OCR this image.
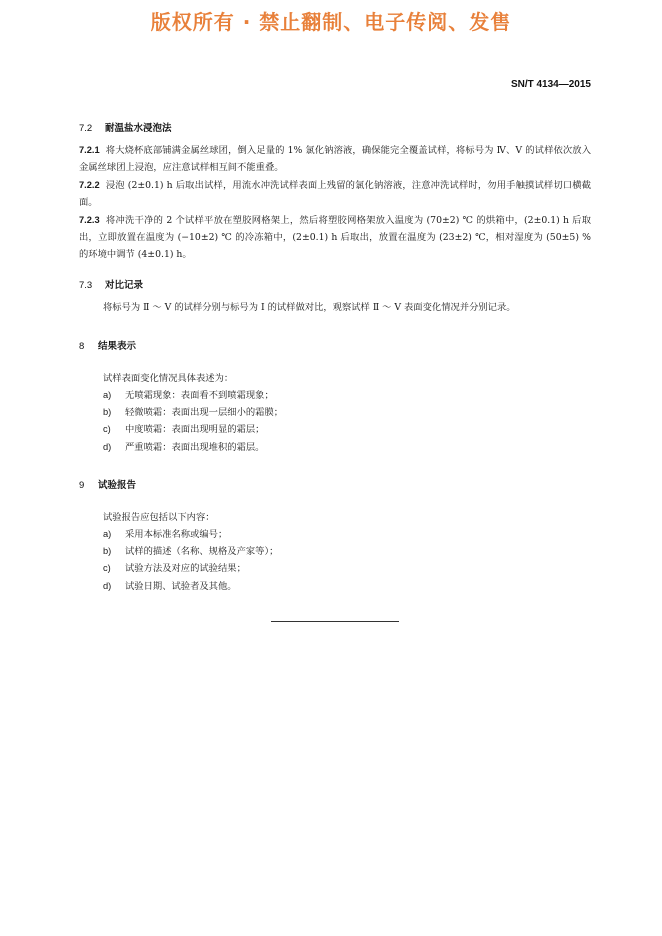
版权所有 · 禁止翻制、电子传阅、发售
SN/T 4134—2015
7.2 耐温盐水浸泡法
7.2.1 将大烧杯底部铺满金属丝球团，倒入足量的 1% 氯化钠溶液，确保能完全覆盖试样，将标号为 Ⅳ、Ⅴ 的试样依次放入金属丝球团上浸泡，应注意试样相互间不能重叠。
7.2.2 浸泡 (2±0.1) h 后取出试样，用流水冲洗试样表面上残留的氯化钠溶液，注意冲洗试样时，勿用手触摸试样切口横截面。
7.2.3 将冲洗干净的 2 个试样平放在塑胶网格架上，然后将塑胶网格架放入温度为 (70±2) ℃ 的烘箱中，(2±0.1) h 后取出，立即放置在温度为 (−10±2) ℃ 的冷冻箱中，(2±0.1) h 后取出，放置在温度为 (23±2) ℃，相对湿度为 (50±5) % 的环境中调节 (4±0.1) h。
7.3 对比记录
将标号为 Ⅱ ～ Ⅴ 的试样分别与标号为 Ⅰ 的试样做对比，观察试样 Ⅱ ～ Ⅴ 表面变化情况并分别记录。
8 结果表示
试样表面变化情况具体表述为：
a)	无喷霜现象：表面看不到喷霜现象；
b)	轻微喷霜：表面出现一层细小的霜膜；
c)	中度喷霜：表面出现明显的霜层；
d)	严重喷霜：表面出现堆积的霜层。
9 试验报告
试验报告应包括以下内容：
a)	采用本标准名称或编号；
b)	试样的描述（名称、规格及产家等）；
c)	试验方法及对应的试验结果；
d)	试验日期、试验者及其他。
